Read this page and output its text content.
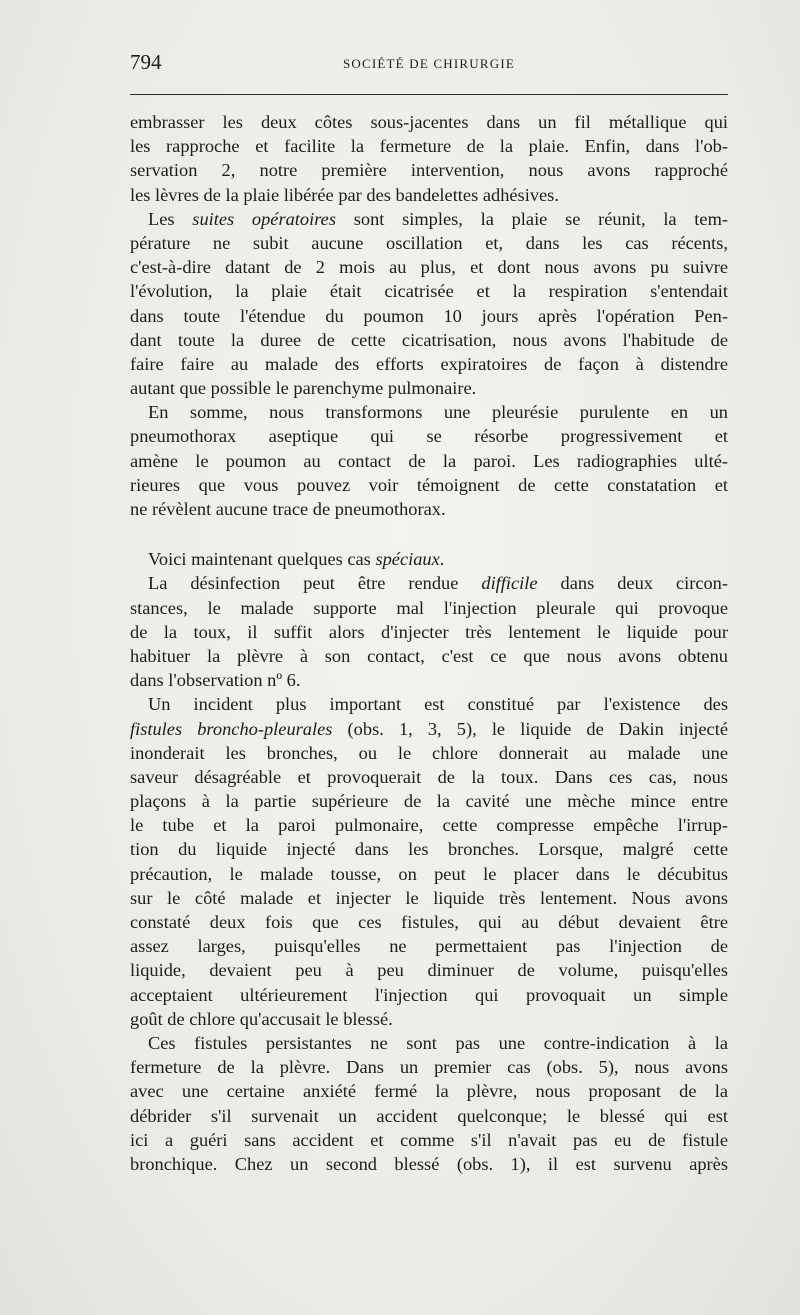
794	SOCIÉTÉ DE CHIRURGIE
embrasser les deux côtes sous-jacentes dans un fil métallique qui
les rapproche et facilite la fermeture de la plaie. Enfin, dans l'ob-
servation 2, notre première intervention, nous avons rapproché
les lèvres de la plaie libérée par des bandelettes adhésives.
Les suites opératoires sont simples, la plaie se réunit, la tem-
pérature ne subit aucune oscillation et, dans les cas récents,
c'est-à-dire datant de 2 mois au plus, et dont nous avons pu suivre
l'évolution, la plaie était cicatrisée et la respiration s'entendait
dans toute l'étendue du poumon 10 jours après l'opération Pen-
dant toute la duree de cette cicatrisation, nous avons l'habitude de
faire faire au malade des efforts expiratoires de façon à distendre
autant que possible le parenchyme pulmonaire.
En somme, nous transformons une pleurésie purulente en un
pneumothorax aseptique qui se résorbe progressivement et
amène le poumon au contact de la paroi. Les radiographies ulté-
rieures que vous pouvez voir témoignent de cette constatation et
ne révèlent aucune trace de pneumothorax.
Voici maintenant quelques cas spéciaux.
La désinfection peut être rendue difficile dans deux circon-
stances, le malade supporte mal l'injection pleurale qui provoque
de la toux, il suffit alors d'injecter très lentement le liquide pour
habituer la plèvre à son contact, c'est ce que nous avons obtenu
dans l'observation nº 6.
Un incident plus important est constitué par l'existence des
fistules broncho-pleurales (obs. 1, 3, 5), le liquide de Dakin injecté
inonderait les bronches, ou le chlore donnerait au malade une
saveur désagréable et provoquerait de la toux. Dans ces cas, nous
plaçons à la partie supérieure de la cavité une mèche mince entre
le tube et la paroi pulmonaire, cette compresse empêche l'irrup-
tion du liquide injecté dans les bronches. Lorsque, malgré cette
précaution, le malade tousse, on peut le placer dans le décubitus
sur le côté malade et injecter le liquide très lentement. Nous avons
constaté deux fois que ces fistules, qui au début devaient être
assez larges, puisqu'elles ne permettaient pas l'injection de
liquide, devaient peu à peu diminuer de volume, puisqu'elles
acceptaient ultérieurement l'injection qui provoquait un simple
goût de chlore qu'accusait le blessé.
Ces fistules persistantes ne sont pas une contre-indication à la
fermeture de la plèvre. Dans un premier cas (obs. 5), nous avons
avec une certaine anxiété fermé la plèvre, nous proposant de la
débrider s'il survenait un accident quelconque; le blessé qui est
ici a guéri sans accident et comme s'il n'avait pas eu de fistule
bronchique. Chez un second blessé (obs. 1), il est survenu après
